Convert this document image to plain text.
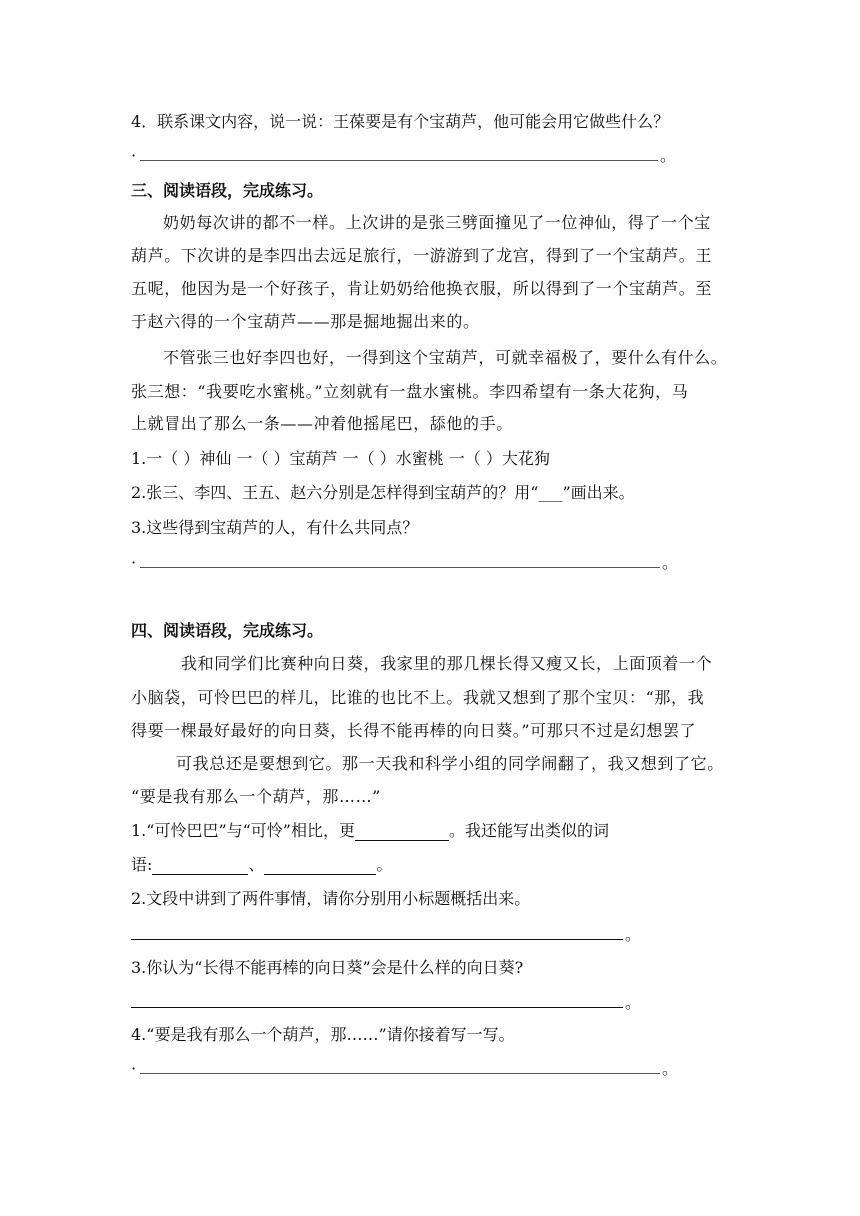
4．联系课文内容，说一说：王葆要是有个宝葫芦，他可能会用它做些什么？
·	。
三、阅读语段，完成练习。
奶奶每次讲的都不一样。上次讲的是张三劈面撞见了一位神仙，得了一个宝
葫芦。下次讲的是李四出去远足旅行，一游游到了龙宫，得到了一个宝葫芦。王
五呢，他因为是一个好孩子，肯让奶奶给他换衣服，所以得到了一个宝葫芦。至
于赵六得的一个宝葫芦——那是掘地掘出来的。
不管张三也好李四也好，一得到这个宝葫芦，可就幸福极了，要什么有什么。
张三想：“我要吃水蜜桃。”立刻就有一盘水蜜桃。李四希望有一条大花狗，马
上就冒出了那么一条——冲着他摇尾巴，舔他的手。
1.一（ ）神仙 一（ ）宝葫芦 一（ ）水蜜桃 一（ ）大花狗
2.张三、李四、王五、赵六分别是怎样得到宝葫芦的？用“___”画出来。
3.这些得到宝葫芦的人，有什么共同点？
·	。
四、阅读语段，完成练习。
我和同学们比赛种向日葵，我家里的那几棵长得又瘦又长，上面顶着一个
小脑袋，可怜巴巴的样儿，比谁的也比不上。我就又想到了那个宝贝：“那，我
得要一棵最好最好的向日葵，长得不能再棒的向日葵。”可那只不过是幻想罢了
可我总还是要想到它。那一天我和科学小组的同学闹翻了，我又想到了它。
“要是我有那么一个葫芦，那……”
1.“可怜巴巴”与“可怜”相比，更	。我还能写出类似的词
语:	、	。
2.文段中讲到了两件事情，请你分别用小标题概括出来。
。
3.你认为“长得不能再棒的向日葵”会是什么样的向日葵?
。
4.“要是我有那么一个葫芦，那……”请你接着写一写。
·	。
